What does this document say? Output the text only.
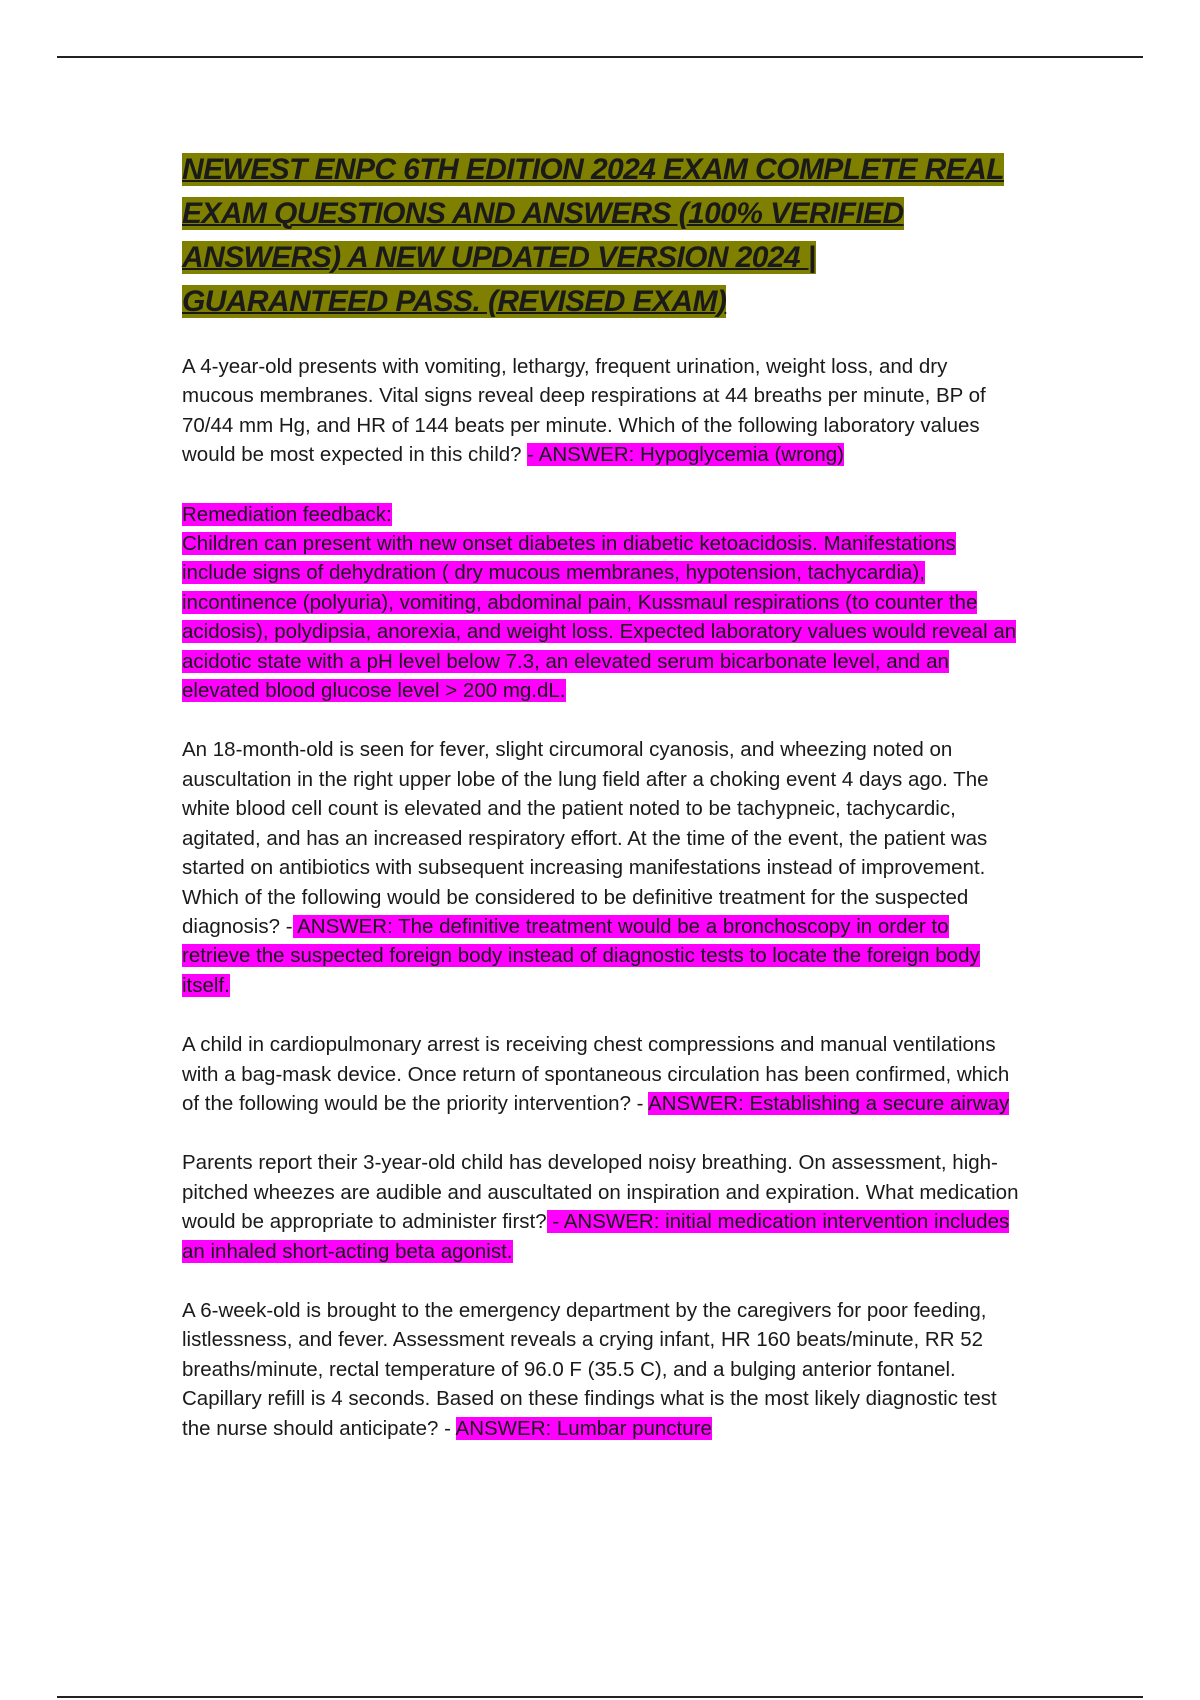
NEWEST ENPC 6TH EDITION 2024 EXAM COMPLETE REAL EXAM QUESTIONS AND ANSWERS (100% VERIFIED ANSWERS) A NEW UPDATED VERSION 2024 | GUARANTEED PASS. (REVISED EXAM)

A 4-year-old presents with vomiting, lethargy, frequent urination, weight loss, and dry mucous membranes. Vital signs reveal deep respirations at 44 breaths per minute, BP of 70/44 mm Hg, and HR of 144 beats per minute. Which of the following laboratory values would be most expected in this child? - ANSWER: Hypoglycemia (wrong)

Remediation feedback:
Children can present with new onset diabetes in diabetic ketoacidosis. Manifestations include signs of dehydration ( dry mucous membranes, hypotension, tachycardia), incontinence (polyuria), vomiting, abdominal pain, Kussmaul respirations (to counter the acidosis), polydipsia, anorexia, and weight loss. Expected laboratory values would reveal an acidotic state with a pH level below 7.3, an elevated serum bicarbonate level, and an elevated blood glucose level > 200 mg.dL.

An 18-month-old is seen for fever, slight circumoral cyanosis, and wheezing noted on auscultation in the right upper lobe of the lung field after a choking event 4 days ago. The white blood cell count is elevated and the patient noted to be tachypneic, tachycardic, agitated, and has an increased respiratory effort. At the time of the event, the patient was started on antibiotics with subsequent increasing manifestations instead of improvement. Which of the following would be considered to be definitive treatment for the suspected diagnosis? - ANSWER: The definitive treatment would be a bronchoscopy in order to retrieve the suspected foreign body instead of diagnostic tests to locate the foreign body itself.

A child in cardiopulmonary arrest is receiving chest compressions and manual ventilations with a bag-mask device. Once return of spontaneous circulation has been confirmed, which of the following would be the priority intervention? - ANSWER: Establishing a secure airway

Parents report their 3-year-old child has developed noisy breathing. On assessment, high-pitched wheezes are audible and auscultated on inspiration and expiration. What medication would be appropriate to administer first? - ANSWER: initial medication intervention includes an inhaled short-acting beta agonist.

A 6-week-old is brought to the emergency department by the caregivers for poor feeding, listlessness, and fever. Assessment reveals a crying infant, HR 160 beats/minute, RR 52 breaths/minute, rectal temperature of 96.0 F (35.5 C), and a bulging anterior fontanel. Capillary refill is 4 seconds. Based on these findings what is the most likely diagnostic test the nurse should anticipate? - ANSWER: Lumbar puncture
